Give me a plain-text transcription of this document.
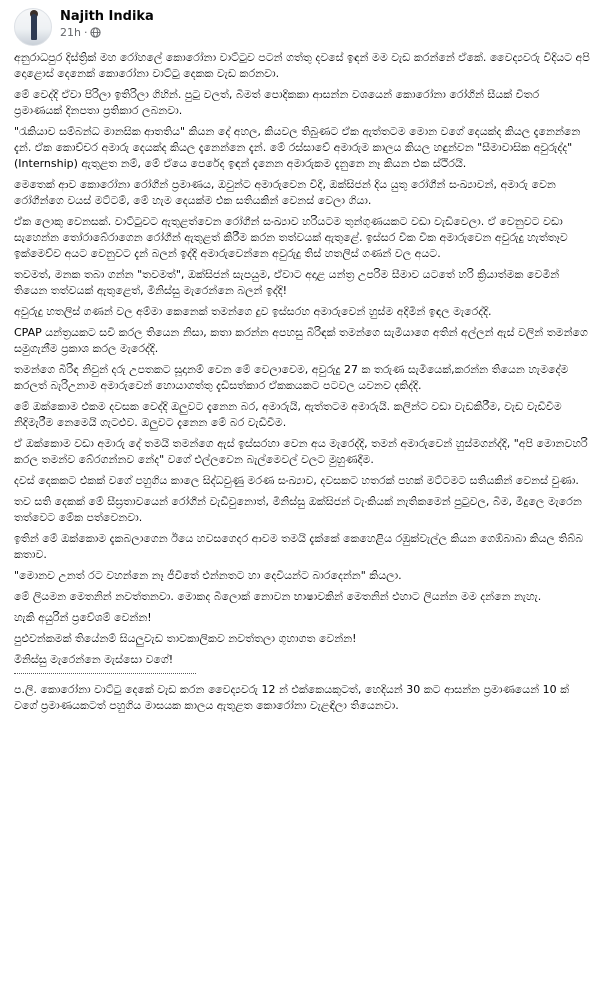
Najith Indika
21h ·

අනුරාධපුර දිස්ත්‍රික් මහ රෝහලේ කොරෝනා වාට්ටුව පටන් ගත්තු දවසේ ඉඳන් මම වැඩ කරන්නේ ඒකේ. වෛද්‍යවරු විදියට අපි දොළොස් දෙනෙක් කොරෝනා වාට්ටු දෙකක වැඩ කරනවා.

මේ වෙද්දි ඒවා පිරිලා ඉතිරිලා ගිහින්. පුටු වලත්, බිමත් පොදිකකා ආසන්න වශයෙන් කොරෝනා රෝගීන් සීයක් විතර ප්‍රමාණයක් දිනපතා ප්‍රතිකාර ලබනවා.

"රැකියාව සම්බන්ධ මානසික ආතතිය" කියන දේ අහල, කියවල තිබුණට ඒක ඇත්තටම මොන වගේ දෙයක්ද කියල දැනෙන්නෙ දැන්. ඒක කොච්චර අමාරු දෙයක්ද කියල දැනෙන්නෙ දැන්. මේ රස්සාවේ අමාරුම කාලය කියල හඳුන්වන "සීමාවාසික අවුරුද්ද"(Internship) ඇතුළත නම්, මේ ඒයෙ පෙරේද ඉඳන් දැනෙන අමාරුකම දැනුනෙ නෑ කියන එක ස්ථිරයි.

මෙතෙක් ආව කොරෝනා රෝගීන් ප්‍රමාණය, ඔවුන්ට අමාරුවෙන විදි, ඔක්සිජන් දිය යුතු රෝගීන් සංඛ්‍යාවන්, අමාරු වෙන රෝගීන්ගෙ වයස් මට්ටම්, මේ හැම දෙයක්ම එක සතියකින් වෙනස් වෙලා ගියා.

ඒක ලොකු වෙනසක්. වාට්ටුවට ඇතුළත්වෙන රෝගීන් සංඛ්‍යාව හරියටම තුන්ගුණයකට වඩා වැඩිවෙලා. ඒ වෙනුවට වඩා සැහෙන්න තෝරාබේරාගෙන රෝගීන් ඇතුළත් කිරීම කරන තත්වයක් ඇතුළේ. ඉස්සර වික වික අමාරුවෙන අවුරුදු හැත්තෑව ඉක්මෙව්ව අයට වෙනුවට දැන් බලන් ඉද්දි අමාරුවෙන්නෙ අවුරුදු තිස් හතලිස් ගණන් වල අයට.

තවමත්, මනක තබා ගන්න "තවමත්", ඔක්සිජන් සැපයුම, ඒවාට අදාළ යන්ත්‍ර උපරිම සීමාව යටතේ හරි ක්‍රියාත්මක වෙමින් තියෙන තත්වයක් ඇතුළෙත්, මිනිස්සු මැරෙන්නෙ බලන් ඉද්දි!

අවුරුදු හතලිස් ගණන් වල අම්මා කෙනෙක් තමන්ගෙ දුව ඉස්සරහ අමාරුවෙන් හුස්ම අදිමින් ඉඳල මැරෙද්දි.

CPAP යන්ත්‍රයකට සවි කරල තියෙන නිසා, කතා කරන්න අපහසු බිරිඳක් තමන්ගෙ සැමියාගෙ අතින් අල්ලන් ඇස් වලින් තමන්ගෙ සමුගැනීම ප්‍රකාශ කරල මැරෙද්දි.

තමන්ගෙ බිරිඳ නිවුන් දරු උපතකට සූදානම් වෙන මේ වෙලාවෙම, අවුරුදු 27 ක තරුණ සැමියෙක්,කරන්න තියෙන හැමදේම කරලත් බැරිඋනාම අමාරුවෙන් හොයාගත්තු දැඩිසත්කාර ඒකකයකට පටවල යවනව දකිද්දි.

මේ ඔක්කොම එකම දවසක වෙද්දි ඔලුවට දැනෙන බර, අමාරුයි, ඇත්තටම අමාරුයි. කලින්ට වඩා වැඩකිරීම, වැඩ වැඩිවීම නිදිමැරීම නෙමෙයි ගැටළුව. ඔලුවට දැනෙන මේ බර වැඩිවීම.

ඒ ඔක්කොම වඩා අමාරු දේ තමයි තමන්ගෙ ඇස් ඉස්සරහා වෙන අය මැරෙද්දි, තමන් අමාරුවෙන් හුස්මගන්ද්දි, "අපි මොනවහරි කරල තමන්ව බේරගන්නව නේද" වගේ එල්ලවෙන බැල්මෙවල් වලට මුහුණදීම.

දවස් දෙකකට එකක් වගේ පහුගිය කාලෙ සිද්ධවුණු මරණ සංඛ්‍යාව, දවසකට හතරක් පහක් මට්ටමට සතියකින් වෙනස් වුණා.

තව සති දෙකක් මේ සීඝ්‍රතාවයෙන් රෝගීන් වැඩිවුනොත්, මිනිස්සු ඔක්සිජන් ටැංකියක් නැතිකමෙන් පුටුවල, බිම, මිදුලෙ මැරෙන තත්වෙට මේක පත්වෙනවා.

ඉතින් මේ ඔක්කොම දැකබලාගෙන ඊයෙ හවසගෙදර ආවම තමයි දැක්කේ කෙහෙළිය රඹුක්වැල්ල කියන ගෙඹ්බාබා කියල තිබ්බ කතාව.

"මොනව උනත් රට වහන්නෙ නෑ ජීවිතේ එන්නතට හා දෙවියන්ට බාරදෙන්න" කියලා.

මේ ලියමන මෙතනින් නවත්තනවා. මොකද බිලොක් නොවන භාෂාවකින් මෙතනින් එහාට ලියන්න මම දන්නෙ නැහැ.

හැකි අයුරින් ප්‍රවේශම් වෙන්න!

පුළුවන්කමක් තියේනම් සියලුවැඩ තාවකාලිකව නවත්තලා ගුහාගත වෙන්න!

මිනිස්සු මැරෙන්නෙ මැස්සො වගේ!

ප.ලි. කොරෝනා වාට්ටු දෙකේ වැඩ කරන වෛද්‍යවරු 12 න් එක්කෙයකුටත්, හෙදියන් 30 කට ආසන්න ප්‍රමාණයෙන් 10 ක් වගේ ප්‍රමාණයකටත් පහුගිය මාසයක කාලය ඇතුළත කොරෝනා වැළඳිලා තියෙනවා.
